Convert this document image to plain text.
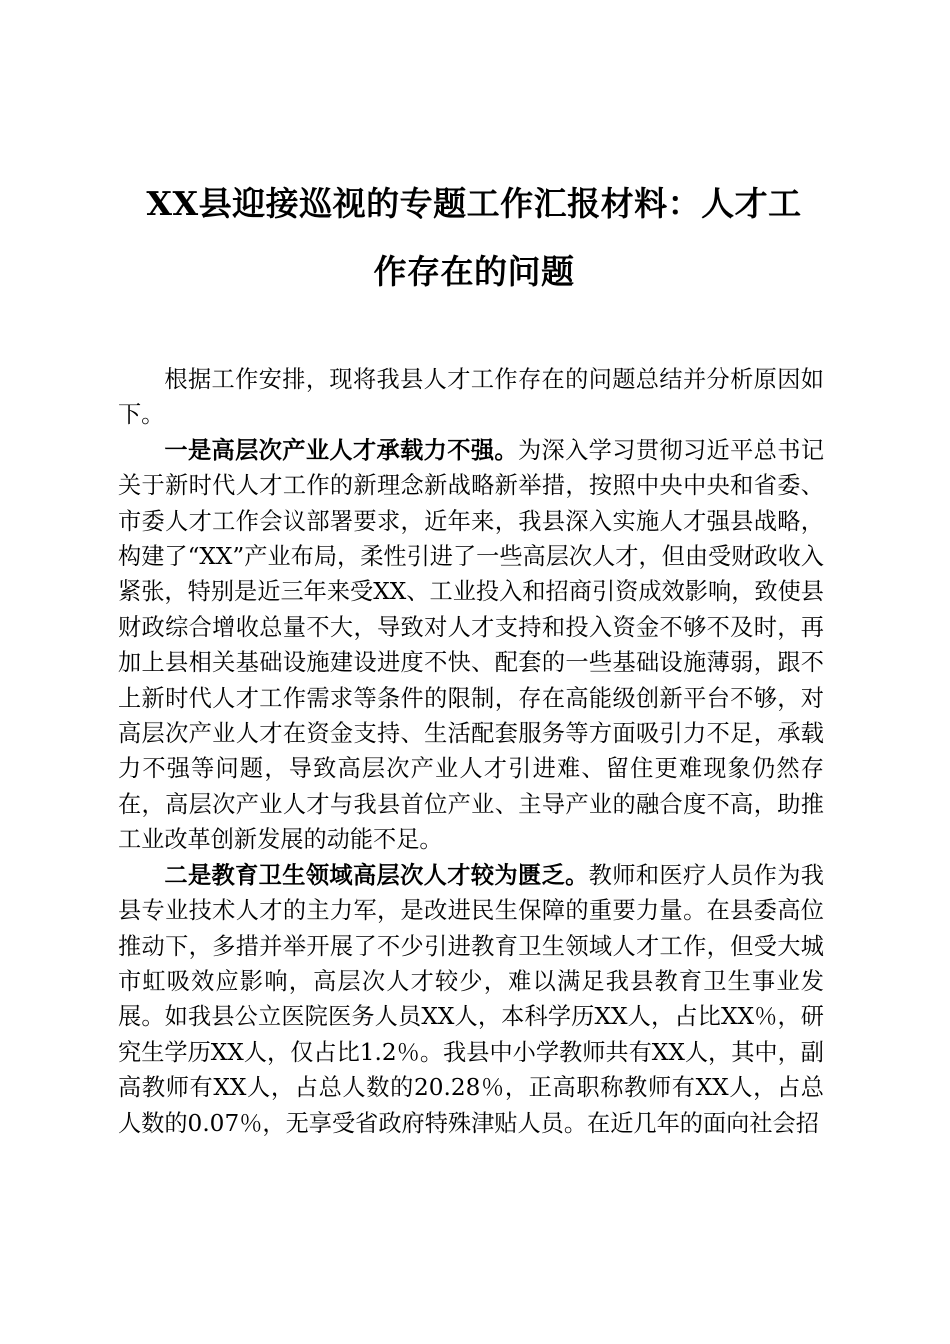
XX县迎接巡视的专题工作汇报材料：人才工
作存在的问题

根据工作安排，现将我县人才工作存在的问题总结并分析原因如下。

一是高层次产业人才承载力不强。为深入学习贯彻习近平总书记关于新时代人才工作的新理念新战略新举措，按照中央中央和省委、市委人才工作会议部署要求，近年来，我县深入实施人才强县战略，构建了“XX”产业布局，柔性引进了一些高层次人才，但由受财政收入紧张，特别是近三年来受XX、工业投入和招商引资成效影响，致使县财政综合增收总量不大，导致对人才支持和投入资金不够不及时，再加上县相关基础设施建设进度不快、配套的一些基础设施薄弱，跟不上新时代人才工作需求等条件的限制，存在高能级创新平台不够，对高层次产业人才在资金支持、生活配套服务等方面吸引力不足，承载力不强等问题，导致高层次产业人才引进难、留住更难现象仍然存在，高层次产业人才与我县首位产业、主导产业的融合度不高，助推工业改革创新发展的动能不足。

二是教育卫生领域高层次人才较为匮乏。教师和医疗人员作为我县专业技术人才的主力军，是改进民生保障的重要力量。在县委高位推动下，多措并举开展了不少引进教育卫生领域人才工作，但受大城市虹吸效应影响，高层次人才较少，难以满足我县教育卫生事业发展。如我县公立医院医务人员XX人，本科学历XX人，占比XX％，研究生学历XX人，仅占比1.2％。我县中小学教师共有XX人，其中，副高教师有XX人，占总人数的20.28％，正高职称教师有XX人，占总人数的0.07％，无享受省政府特殊津贴人员。在近几年的面向社会招
